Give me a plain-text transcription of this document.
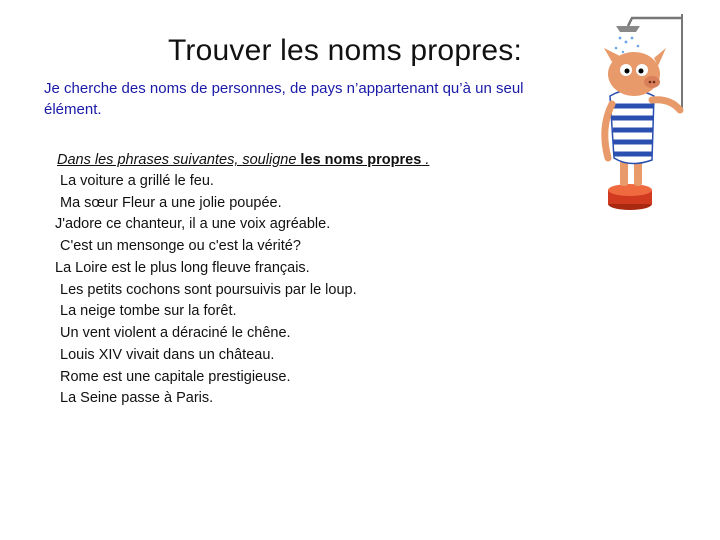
Trouver les noms propres:
Je cherche des noms de personnes, de pays n’appartenant qu’à un seul élément.
Dans les phrases suivantes, souligne les noms propres .
La voiture a grillé le feu.
Ma sœur Fleur a une jolie poupée.
J'adore ce chanteur, il a une voix agréable.
C'est un mensonge ou c'est la vérité?
La Loire est le plus long fleuve français.
Les petits cochons sont poursuivis par le loup.
La neige tombe sur la forêt.
Un vent violent a déraciné le chêne.
Louis XIV vivait dans un château.
Rome est une capitale prestigieuse.
La Seine passe à Paris.
